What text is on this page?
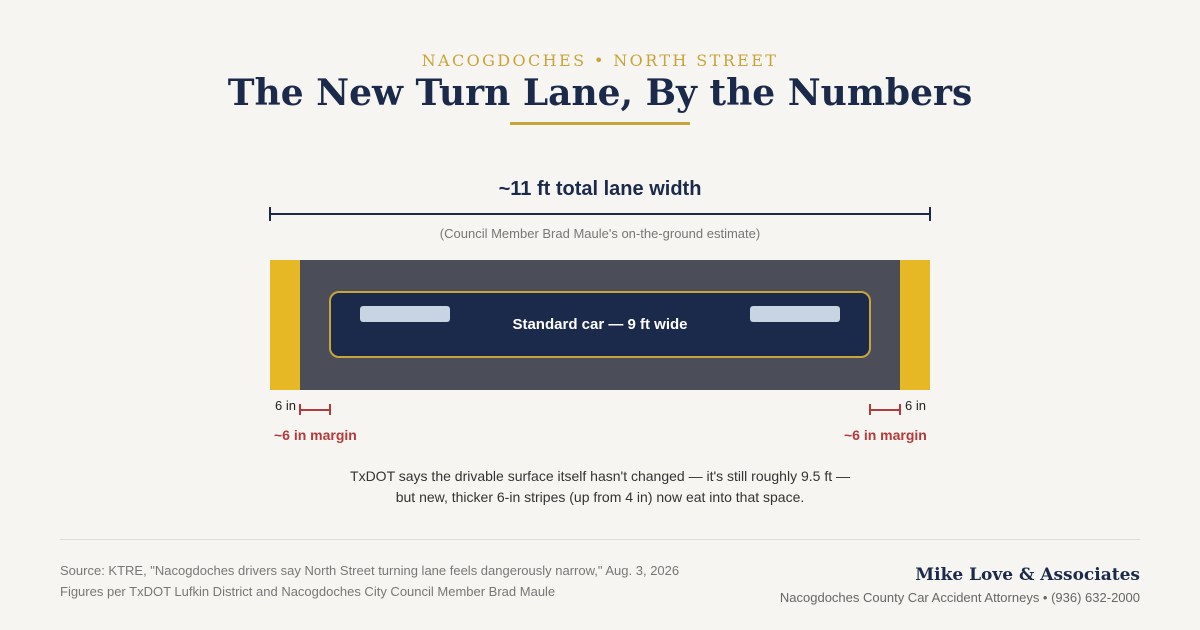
NACOGDOCHES • NORTH STREET
The New Turn Lane, By the Numbers
~11 ft total lane width
(Council Member Brad Maule's on-the-ground estimate)
Standard car — 9 ft wide
6 in
~6 in margin
6 in
~6 in margin
TxDOT says the drivable surface itself hasn't changed — it's still roughly 9.5 ft —
but new, thicker 6-in stripes (up from 4 in) now eat into that space.
Source: KTRE, "Nacogdoches drivers say North Street turning lane feels dangerously narrow," Aug. 3, 2026
Figures per TxDOT Lufkin District and Nacogdoches City Council Member Brad Maule
Mike Love & Associates
Nacogdoches County Car Accident Attorneys • (936) 632-2000
